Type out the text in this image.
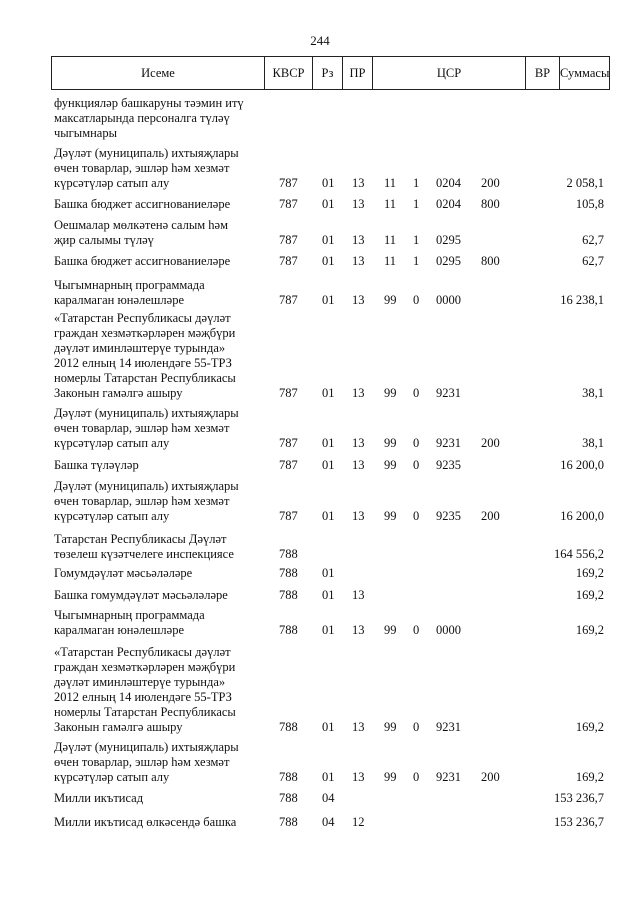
244
Исеме	КВСР	Рз	ПР	ЦСР	ВР Суммасы
функцияләр башкаруны тәэмин итү
максатларында персоналга түләү
чыгымнары
Дәүләт (муниципаль) ихтыяҗлары
өчен товарлар, эшләр һәм хезмәт
күрсәтүләр сатып алу	787 01 13 11 1 0204 200	2 058,1
Башка бюджет ассигнованиеләре	787 01 13 11 1 0204 800	105,8
Оешмалар мөлкәтенә салым һәм
җир салымы түләү	787 01 13 11 1 0295	62,7
Башка бюджет ассигнованиеләре	787 01 13 11 1 0295 800	62,7
Чыгымнарның программада
каралмаган юнәлешләре	787 01 13 99 0 0000	16 238,1
«Татарстан Республикасы дәүләт
граждан хезмәткәрләрен мәҗбүри
дәүләт иминләштерүе турында»
2012 елның 14 июлендәге 55-ТРЗ
номерлы Татарстан Республикасы
Законын гамәлгә ашыру	787 01 13 99 0 9231	38,1
Дәүләт (муниципаль) ихтыяҗлары
өчен товарлар, эшләр һәм хезмәт
күрсәтүләр сатып алу	787 01 13 99 0 9231 200	38,1
Башка түләүләр	787 01 13 99 0 9235	16 200,0
Дәүләт (муниципаль) ихтыяҗлары
өчен товарлар, эшләр һәм хезмәт
күрсәтүләр сатып алу	787 01 13 99 0 9235 200	16 200,0
Татарстан Республикасы Дәүләт
төзелеш күзәтчелеге инспекциясе	788	164 556,2
Гомумдәүләт мәсьәләләре	788 01	169,2
Башка гомумдәүләт мәсьәләләре	788 01 13	169,2
Чыгымнарның программада
каралмаган юнәлешләре	788 01 13 99 0 0000	169,2
«Татарстан Республикасы дәүләт
граждан хезмәткәрләрен мәҗбүри
дәүләт иминләштерүе турында»
2012 елның 14 июлендәге 55-ТРЗ
номерлы Татарстан Республикасы
Законын гамәлгә ашыру	788 01 13 99 0 9231	169,2
Дәүләт (муниципаль) ихтыяҗлары
өчен товарлар, эшләр һәм хезмәт
күрсәтүләр сатып алу	788 01 13 99 0 9231 200	169,2
Милли икътисад	788 04	153 236,7
Милли икътисад өлкәсендә башка	788 04 12	153 236,7
